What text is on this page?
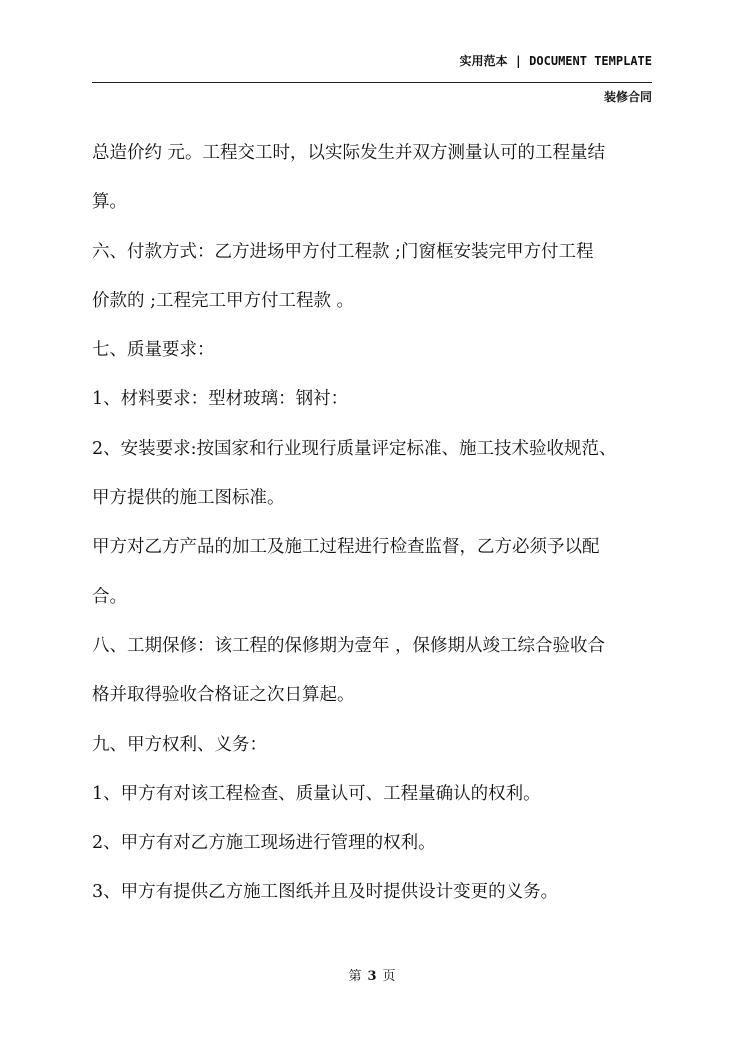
实用范本 | DOCUMENT TEMPLATE
装修合同

总造价约 元。工程交工时，以实际发生并双方测量认可的工程量结

算。

六、付款方式：乙方进场甲方付工程款 ;门窗框安装完甲方付工程

价款的 ;工程完工甲方付工程款 。

七、质量要求：

1、材料要求：型材玻璃：钢衬：

2、安装要求:按国家和行业现行质量评定标准、施工技术验收规范、

甲方提供的施工图标准。

甲方对乙方产品的加工及施工过程进行检查监督，乙方必须予以配

合。

八、工期保修：该工程的保修期为壹年 ，保修期从竣工综合验收合

格并取得验收合格证之次日算起。

九、甲方权利、义务：

1、甲方有对该工程检查、质量认可、工程量确认的权利。

2、甲方有对乙方施工现场进行管理的权利。

3、甲方有提供乙方施工图纸并且及时提供设计变更的义务。

第 3 页
